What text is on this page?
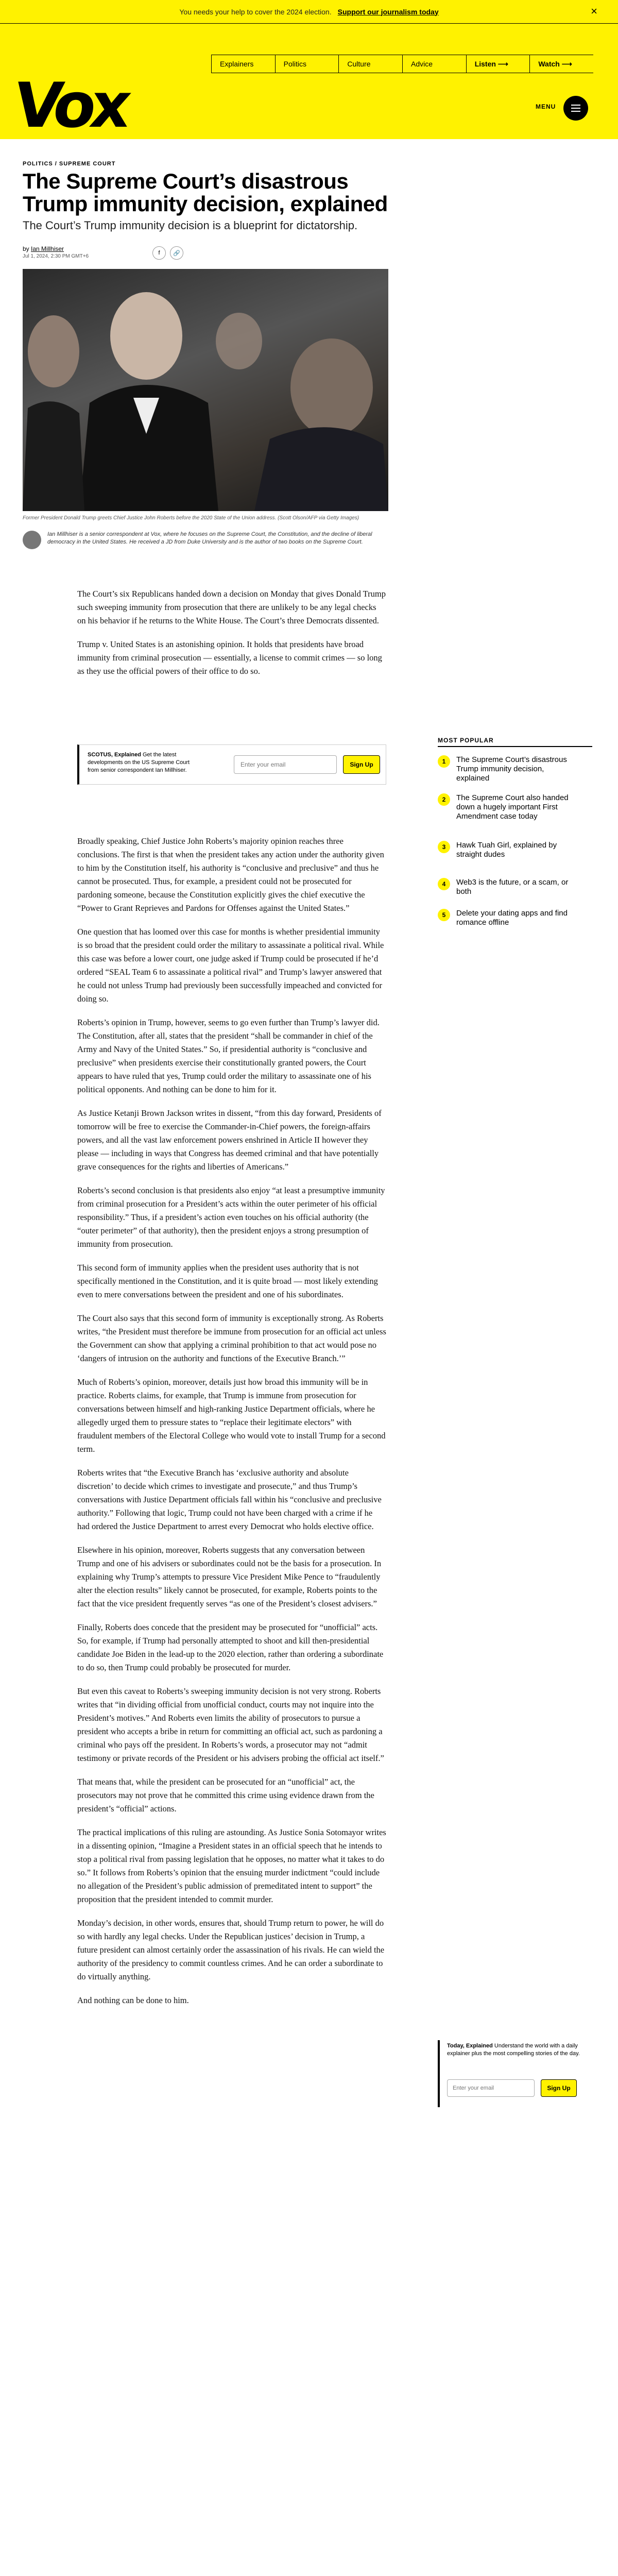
You needs your help to cover the 2024 election. Support our journalism today	×
Vox
Explainers	Politics	Culture	Advice	Listen ⟶	Watch ⟶
MENU
POLITICS / SUPREME COURT
The Supreme Court’s disastrous Trump immunity decision, explained
The Court’s Trump immunity decision is a blueprint for dictatorship.
by Ian Millhiser
Jul 1, 2024, 2:30 PM GMT+6
f	🔗
Former President Donald Trump greets Chief Justice John Roberts before the 2020 State of the Union address. (Scott Olson/AFP via Getty Images)
Ian Millhiser is a senior correspondent at Vox, where he focuses on the Supreme Court, the Constitution, and the decline of liberal democracy in the United States. He received a JD from Duke University and is the author of two books on the Supreme Court.

The Court’s six Republicans handed down a decision on Monday that gives Donald Trump such sweeping immunity from prosecution that there are unlikely to be any legal checks on his behavior if he returns to the White House. The Court’s three Democrats dissented.

Trump v. United States is an astonishing opinion. It holds that presidents have broad immunity from criminal prosecution — essentially, a license to commit crimes — so long as they use the official powers of their office to do so.

SCOTUS, Explained Get the latest developments on the US Supreme Court from senior correspondent Ian Millhiser.
Enter your email	Sign Up

Broadly speaking, Chief Justice John Roberts’s majority opinion reaches three conclusions. The first is that when the president takes any action under the authority given to him by the Constitution itself, his authority is “conclusive and preclusive” and thus he cannot be prosecuted. Thus, for example, a president could not be prosecuted for pardoning someone, because the Constitution explicitly gives the chief executive the “Power to Grant Reprieves and Pardons for Offenses against the United States.”

One question that has loomed over this case for months is whether presidential immunity is so broad that the president could order the military to assassinate a political rival. While this case was before a lower court, one judge asked if Trump could be prosecuted if he’d ordered “SEAL Team 6 to assassinate a political rival” and Trump’s lawyer answered that he could not unless Trump had previously been successfully impeached and convicted for doing so.

Roberts’s opinion in Trump, however, seems to go even further than Trump’s lawyer did. The Constitution, after all, states that the president “shall be commander in chief of the Army and Navy of the United States.” So, if presidential authority is “conclusive and preclusive” when presidents exercise their constitutionally granted powers, the Court appears to have ruled that yes, Trump could order the military to assassinate one of his political opponents. And nothing can be done to him for it.

As Justice Ketanji Brown Jackson writes in dissent, “from this day forward, Presidents of tomorrow will be free to exercise the Commander-in-Chief powers, the foreign-affairs powers, and all the vast law enforcement powers enshrined in Article II however they please — including in ways that Congress has deemed criminal and that have potentially grave consequences for the rights and liberties of Americans.”

Roberts’s second conclusion is that presidents also enjoy “at least a presumptive immunity from criminal prosecution for a President’s acts within the outer perimeter of his official responsibility.” Thus, if a president’s action even touches on his official authority (the “outer perimeter” of that authority), then the president enjoys a strong presumption of immunity from prosecution.

This second form of immunity applies when the president uses authority that is not specifically mentioned in the Constitution, and it is quite broad — most likely extending even to mere conversations between the president and one of his subordinates.

The Court also says that this second form of immunity is exceptionally strong. As Roberts writes, “the President must therefore be immune from prosecution for an official act unless the Government can show that applying a criminal prohibition to that act would pose no ‘dangers of intrusion on the authority and functions of the Executive Branch.’”

Much of Roberts’s opinion, moreover, details just how broad this immunity will be in practice. Roberts claims, for example, that Trump is immune from prosecution for conversations between himself and high-ranking Justice Department officials, where he allegedly urged them to pressure states to “replace their legitimate electors” with fraudulent members of the Electoral College who would vote to install Trump for a second term.

Roberts writes that “the Executive Branch has ‘exclusive authority and absolute discretion’ to decide which crimes to investigate and prosecute,” and thus Trump’s conversations with Justice Department officials fall within his “conclusive and preclusive authority.” Following that logic, Trump could not have been charged with a crime if he had ordered the Justice Department to arrest every Democrat who holds elective office.

Elsewhere in his opinion, moreover, Roberts suggests that any conversation between Trump and one of his advisers or subordinates could not be the basis for a prosecution. In explaining why Trump’s attempts to pressure Vice President Mike Pence to “fraudulently alter the election results” likely cannot be prosecuted, for example, Roberts points to the fact that the vice president frequently serves “as one of the President’s closest advisers.”

Finally, Roberts does concede that the president may be prosecuted for “unofficial” acts. So, for example, if Trump had personally attempted to shoot and kill then-presidential candidate Joe Biden in the lead-up to the 2020 election, rather than ordering a subordinate to do so, then Trump could probably be prosecuted for murder.

But even this caveat to Roberts’s sweeping immunity decision is not very strong. Roberts writes that “in dividing official from unofficial conduct, courts may not inquire into the President’s motives.” And Roberts even limits the ability of prosecutors to pursue a president who accepts a bribe in return for committing an official act, such as pardoning a criminal who pays off the president. In Roberts’s words, a prosecutor may not “admit testimony or private records of the President or his advisers probing the official act itself.”

That means that, while the president can be prosecuted for an “unofficial” act, the prosecutors may not prove that he committed this crime using evidence drawn from the president’s “official” actions.

The practical implications of this ruling are astounding. As Justice Sonia Sotomayor writes in a dissenting opinion, “Imagine a President states in an official speech that he intends to stop a political rival from passing legislation that he opposes, no matter what it takes to do so.” It follows from Roberts’s opinion that the ensuing murder indictment “could include no allegation of the President’s public admission of premeditated intent to support” the proposition that the president intended to commit murder.

Monday’s decision, in other words, ensures that, should Trump return to power, he will do so with hardly any legal checks. Under the Republican justices’ decision in Trump, a future president can almost certainly order the assassination of his rivals. He can wield the authority of the presidency to commit countless crimes. And he can order a subordinate to do virtually anything.

And nothing can be done to him.

MOST POPULAR
1	The Supreme Court’s disastrous Trump immunity decision, explained
2	The Supreme Court also handed down a hugely important First Amendment case today
3	Hawk Tuah Girl, explained by straight dudes
4	Web3 is the future, or a scam, or both
5	Delete your dating apps and find romance offline
Today, Explained Understand the world with a daily explainer plus the most compelling stories of the day.
Enter your email	Sign Up
